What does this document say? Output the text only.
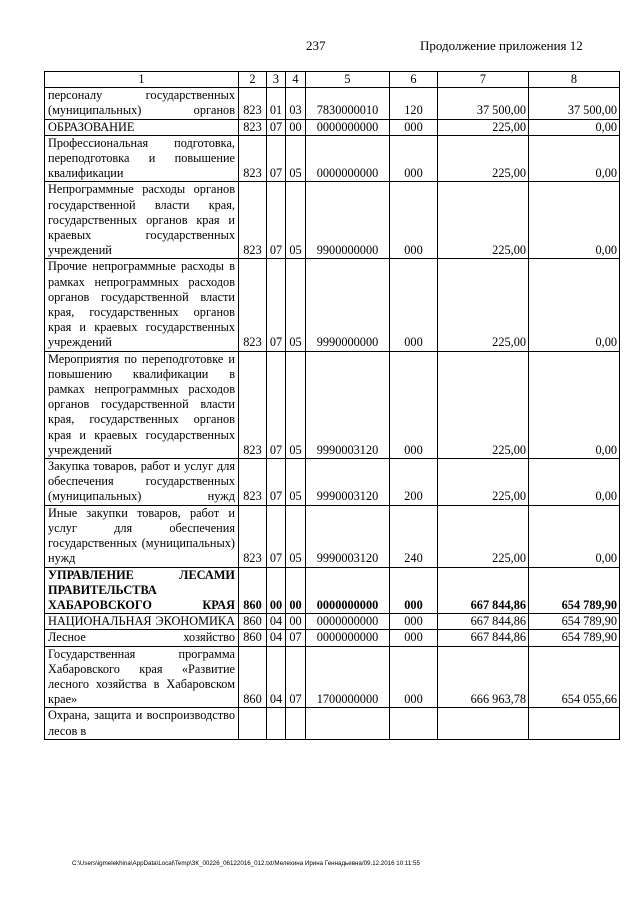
237	Продолжение приложения 12
1	2	3	4	5	6	7	8
персоналу государственных (муниципальных) органов	823	01	03	7830000010	120	37 500,00	37 500,00
ОБРАЗОВАНИЕ	823	07	00	0000000000	000	225,00	0,00
Профессиональная подготовка, переподготовка и повышение квалификации	823	07	05	0000000000	000	225,00	0,00
Непрограммные расходы органов государственной власти края, государственных органов края и краевых государственных учреждений	823	07	05	9900000000	000	225,00	0,00
Прочие непрограммные расходы в рамках непрограммных расходов органов государственной власти края, государственных органов края и краевых государственных учреждений	823	07	05	9990000000	000	225,00	0,00
Мероприятия по переподготовке и повышению квалификации в рамках непрограммных расходов органов государственной власти края, государственных органов края и краевых государственных учреждений	823	07	05	9990003120	000	225,00	0,00
Закупка товаров, работ и услуг для обеспечения государственных (муниципальных) нужд	823	07	05	9990003120	200	225,00	0,00
Иные закупки товаров, работ и услуг для обеспечения государственных (муниципальных) нужд	823	07	05	9990003120	240	225,00	0,00
УПРАВЛЕНИЕ ЛЕСАМИ ПРАВИТЕЛЬСТВА ХАБАРОВСКОГО КРАЯ	860	00	00	0000000000	000	667 844,86	654 789,90
НАЦИОНАЛЬНАЯ ЭКОНОМИКА	860	04	00	0000000000	000	667 844,86	654 789,90
Лесное хозяйство	860	04	07	0000000000	000	667 844,86	654 789,90
Государственная программа Хабаровского края «Развитие лесного хозяйства в Хабаровском крае»	860	04	07	1700000000	000	666 963,78	654 055,66
Охрана, защита и воспроизводство лесов в							
C:\Users\igmelekhina\AppData\Local\Temp\ЗК_00226_06122016_012.txt/Мелехина Ирина Геннадьевна/09.12.2016 10:11:55
